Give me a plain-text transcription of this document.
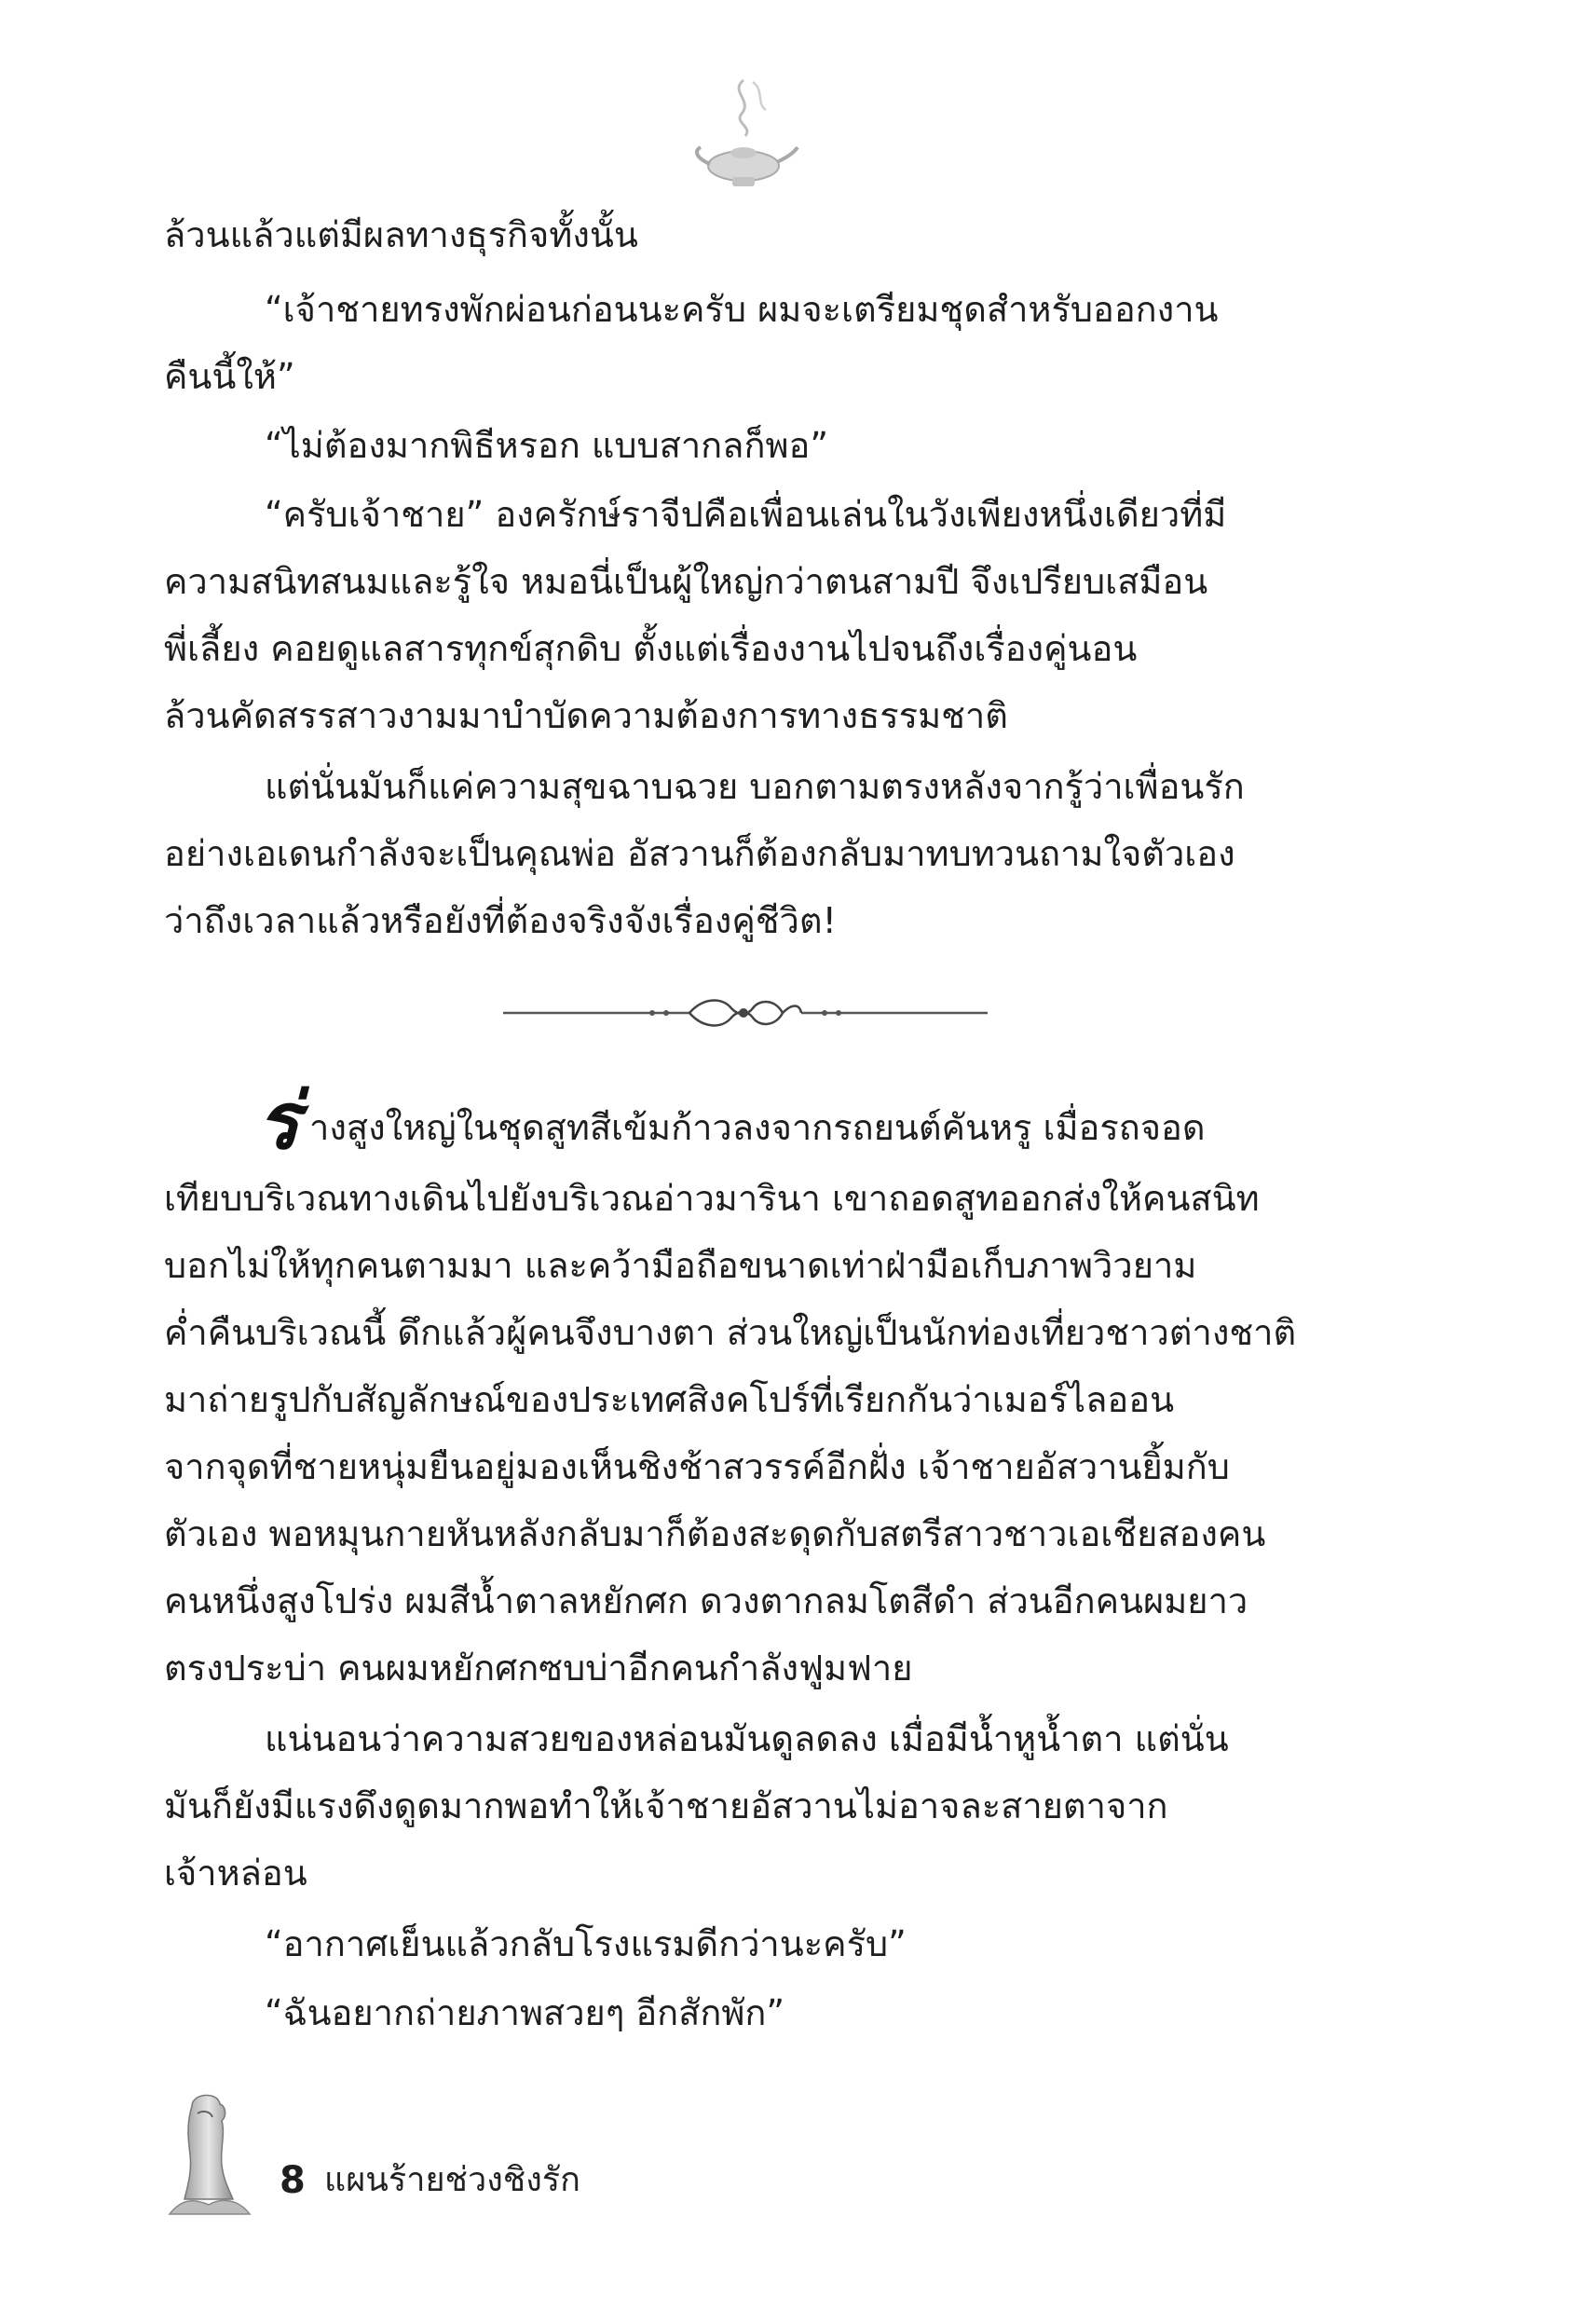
ล้วนแล้วแต่มีผลทางธุรกิจทั้งนั้น
“เจ้าชายทรงพักผ่อนก่อนนะครับ ผมจะเตรียมชุดสำหรับออกงาน
คืนนี้ให้”
“ไม่ต้องมากพิธีหรอก แบบสากลก็พอ”
“ครับเจ้าชาย” องครักษ์ราจีปคือเพื่อนเล่นในวังเพียงหนึ่งเดียวที่มี
ความสนิทสนมและรู้ใจ หมอนี่เป็นผู้ใหญ่กว่าตนสามปี จึงเปรียบเสมือน
พี่เลี้ยง คอยดูแลสารทุกข์สุกดิบ ตั้งแต่เรื่องงานไปจนถึงเรื่องคู่นอน
ล้วนคัดสรรสาวงามมาบำบัดความต้องการทางธรรมชาติ
แต่นั่นมันก็แค่ความสุขฉาบฉวย บอกตามตรงหลังจากรู้ว่าเพื่อนรัก
อย่างเอเดนกำลังจะเป็นคุณพ่อ อัสวานก็ต้องกลับมาทบทวนถามใจตัวเอง
ว่าถึงเวลาแล้วหรือยังที่ต้องจริงจังเรื่องคู่ชีวิต!
ร่ างสูงใหญ่ในชุดสูทสีเข้มก้าวลงจากรถยนต์คันหรู เมื่อรถจอด
เทียบบริเวณทางเดินไปยังบริเวณอ่าวมารินา เขาถอดสูทออกส่งให้คนสนิท
บอกไม่ให้ทุกคนตามมา และคว้ามือถือขนาดเท่าฝ่ามือเก็บภาพวิวยาม
ค่ำคืนบริเวณนี้ ดึกแล้วผู้คนจึงบางตา ส่วนใหญ่เป็นนักท่องเที่ยวชาวต่างชาติ
มาถ่ายรูปกับสัญลักษณ์ของประเทศสิงคโปร์ที่เรียกกันว่าเมอร์ไลออน
จากจุดที่ชายหนุ่มยืนอยู่มองเห็นชิงช้าสวรรค์อีกฝั่ง เจ้าชายอัสวานยิ้มกับ
ตัวเอง พอหมุนกายหันหลังกลับมาก็ต้องสะดุดกับสตรีสาวชาวเอเชียสองคน
คนหนึ่งสูงโปร่ง ผมสีน้ำตาลหยักศก ดวงตากลมโตสีดำ ส่วนอีกคนผมยาว
ตรงประบ่า คนผมหยักศกซบบ่าอีกคนกำลังฟูมฟาย
แน่นอนว่าความสวยของหล่อนมันดูลดลง เมื่อมีน้ำหูน้ำตา แต่นั่น
มันก็ยังมีแรงดึงดูดมากพอทำให้เจ้าชายอัสวานไม่อาจละสายตาจาก
เจ้าหล่อน
“อากาศเย็นแล้วกลับโรงแรมดีกว่านะครับ”
“ฉันอยากถ่ายภาพสวยๆ อีกสักพัก”
8 แผนร้ายช่วงชิงรัก
